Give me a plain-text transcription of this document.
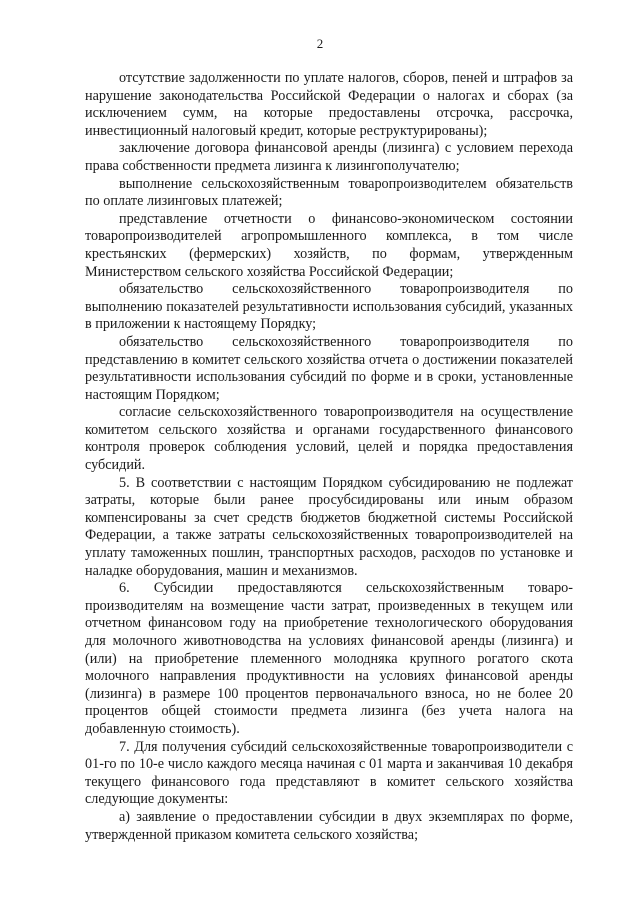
2

отсутствие задолженности по уплате налогов, сборов, пеней и штрафов за нарушение законодательства Российской Федерации о налогах и сборах (за исключением сумм, на которые предоставлены отсрочка, рассрочка, инвестиционный налоговый кредит, которые реструктурированы);

заключение договора финансовой аренды (лизинга) с условием перехода права собственности предмета лизинга к лизингополучателю;

выполнение сельскохозяйственным товаропроизводителем обязательств по оплате лизинговых платежей;

представление отчетности о финансово-экономическом состоянии товаропроизводителей агропромышленного комплекса, в том числе крестьянских (фермерских) хозяйств, по формам, утвержденным Министерством сельского хозяйства Российской Федерации;

обязательство сельскохозяйственного товаропроизводителя по выполнению показателей результативности использования субсидий, указанных в приложении к настоящему Порядку;

обязательство сельскохозяйственного товаропроизводителя по представлению в комитет сельского хозяйства отчета о достижении показателей результативности использования субсидий по форме и в сроки, установленные настоящим Порядком;

согласие сельскохозяйственного товаропроизводителя на осуществление комитетом сельского хозяйства и органами государственного финансового контроля проверок соблюдения условий, целей и порядка предоставления субсидий.

5. В соответствии с настоящим Порядком субсидированию не подлежат затраты, которые были ранее просубсидированы или иным образом компенсированы за счет средств бюджетов бюджетной системы Российской Федерации, а также затраты сельскохозяйственных товаропроизводителей на уплату таможенных пошлин, транспортных расходов, расходов по установке и наладке оборудования, машин и механизмов.

6. Субсидии предоставляются сельскохозяйственным товаропроизводителям на возмещение части затрат, произведенных в текущем или отчетном финансовом году на приобретение технологического оборудования для молочного животноводства на условиях финансовой аренды (лизинга) и (или) на приобретение племенного молодняка крупного рогатого скота молочного направления продуктивности на условиях финансовой аренды (лизинга) в размере 100 процентов первоначального взноса, но не более 20 процентов общей стоимости предмета лизинга (без учета налога на добавленную стоимость).

7. Для получения субсидий сельскохозяйственные товаропроизводители с 01-го по 10-е число каждого месяца начиная с 01 марта и заканчивая 10 декабря текущего финансового года представляют в комитет сельского хозяйства следующие документы:

а) заявление о предоставлении субсидии в двух экземплярах по форме, утвержденной приказом комитета сельского хозяйства;
